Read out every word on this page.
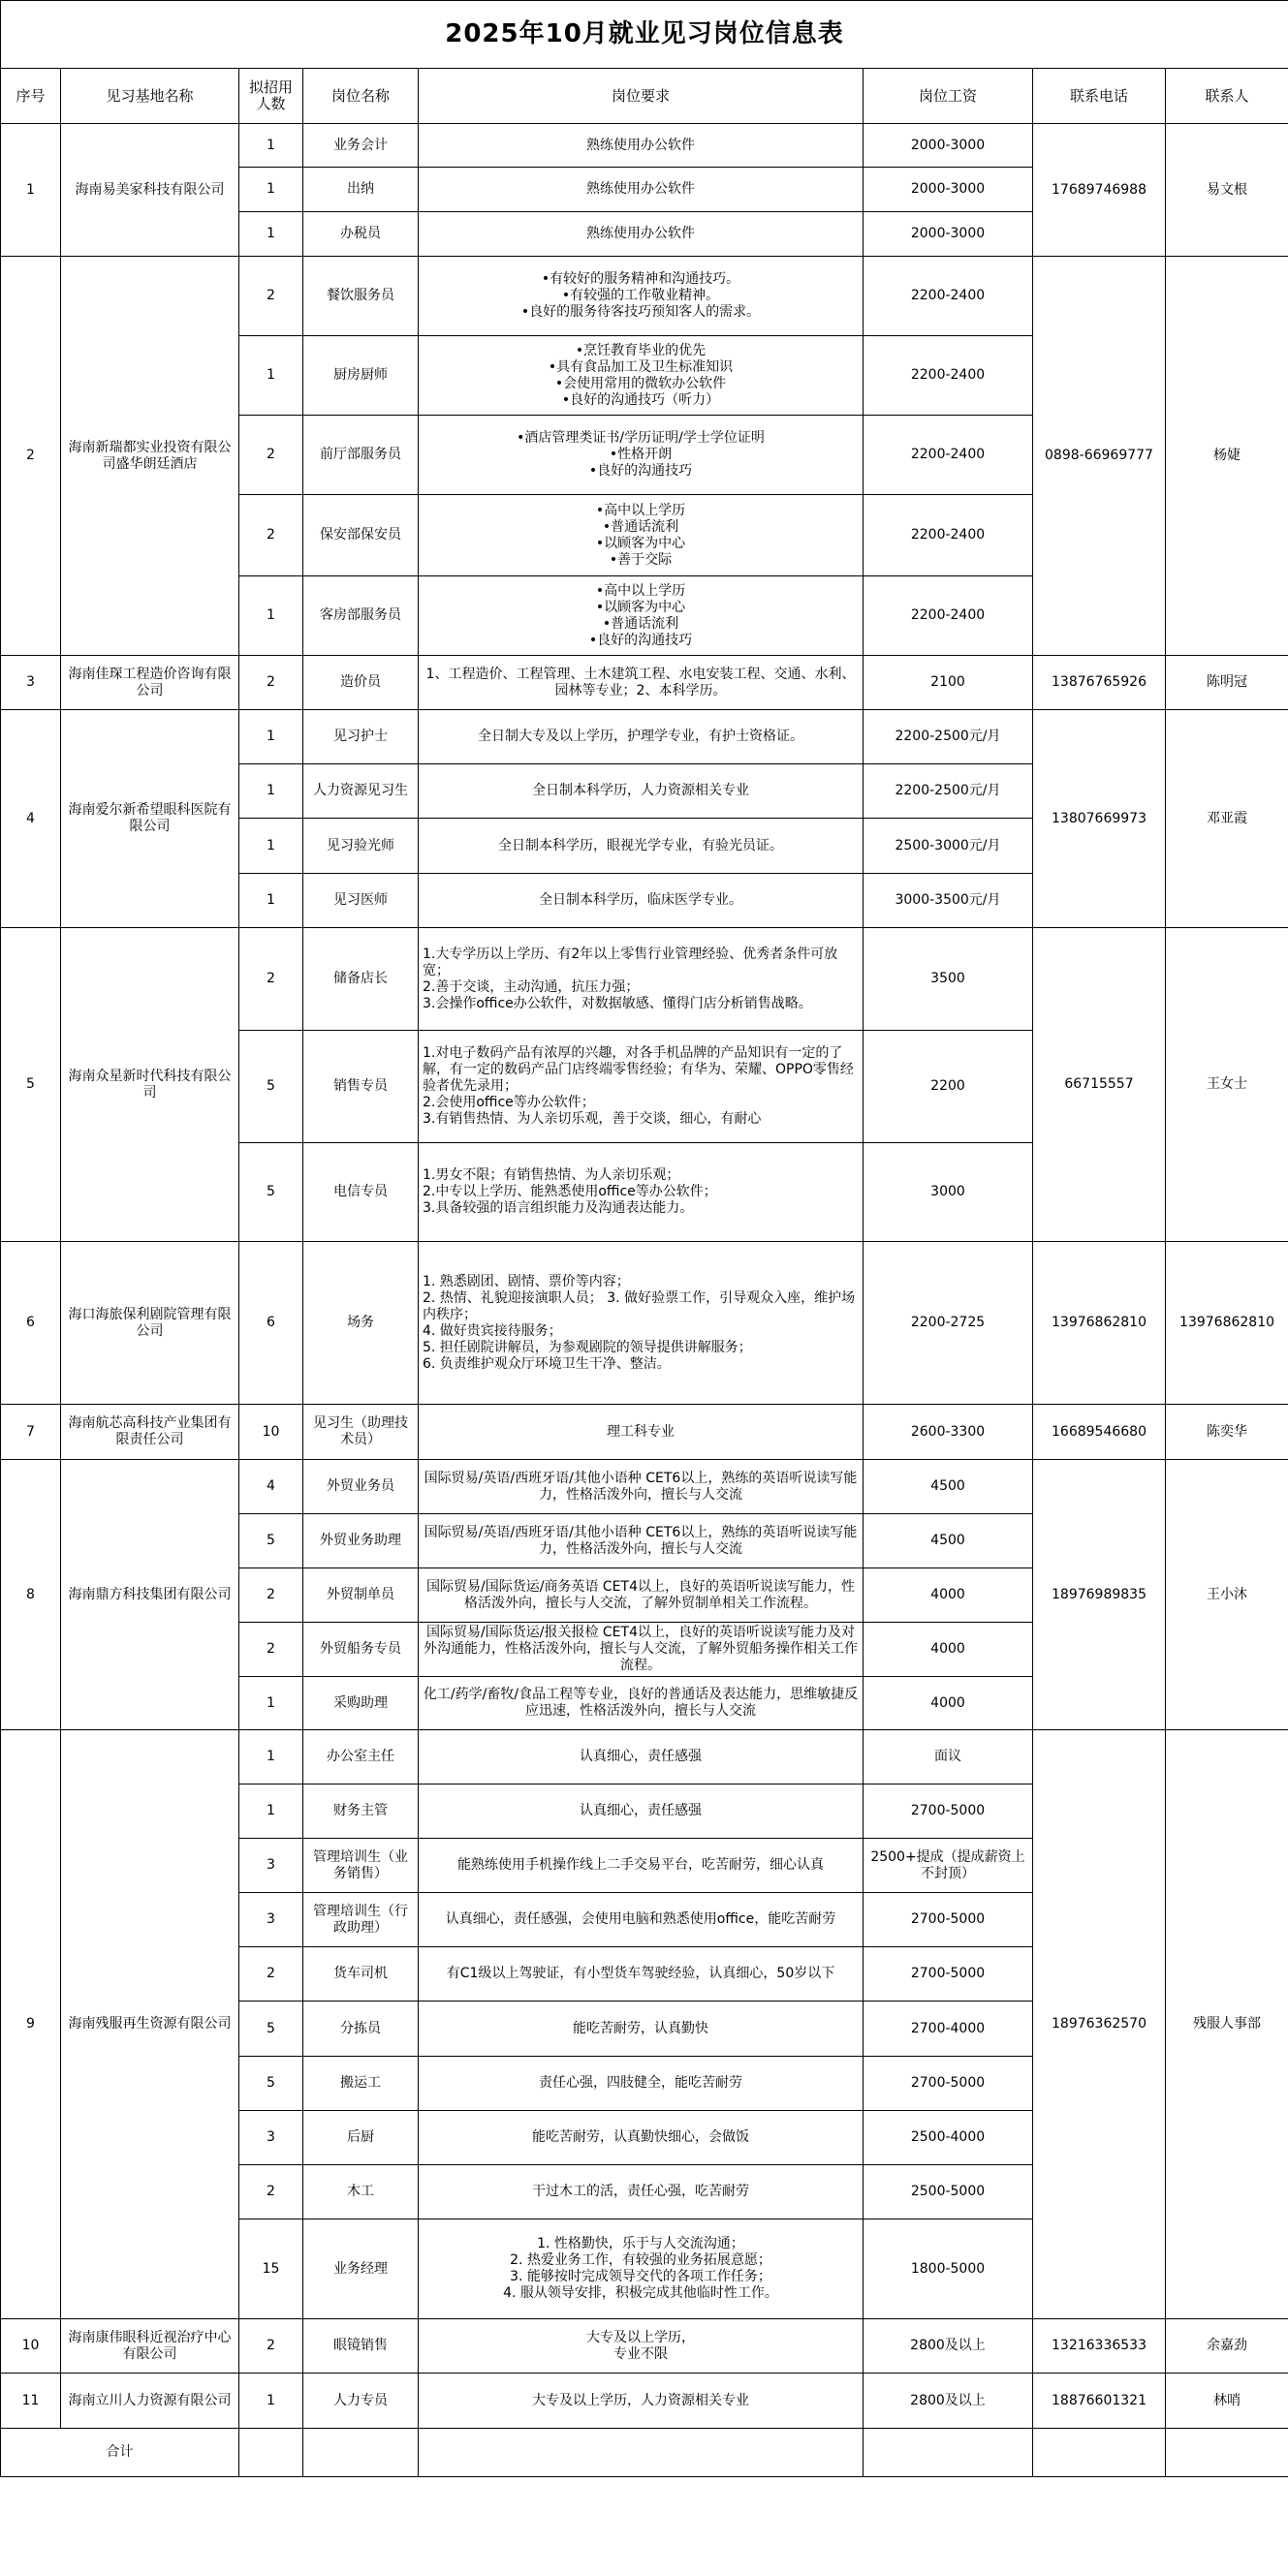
2025年10月就业见习岗位信息表							
序号	见习基地名称	拟招用人数	岗位名称	岗位要求	岗位工资	联系电话	联系人
1	海南易美家科技有限公司	1	业务会计	熟练使用办公软件	2000-3000	17689746988	易文根
		1	出纳	熟练使用办公软件	2000-3000		
		1	办税员	熟练使用办公软件	2000-3000		
2	海南新瑞都实业投资有限公司盛华朗廷酒店	2	餐饮服务员	•有较好的服务精神和沟通技巧。
•有较强的工作敬业精神。
•良好的服务待客技巧预知客人的需求。	2200-2400	0898-66969777	杨婕
		1	厨房厨师	•烹饪教育毕业的优先
•具有食品加工及卫生标准知识
•会使用常用的微软办公软件
•良好的沟通技巧（听力）	2200-2400		
		2	前厅部服务员	•酒店管理类证书/学历证明/学士学位证明
•性格开朗
•良好的沟通技巧	2200-2400		
		2	保安部保安员	•高中以上学历
•普通话流利
•以顾客为中心
•善于交际	2200-2400		
		1	客房部服务员	•高中以上学历
•以顾客为中心
•普通话流利
•良好的沟通技巧	2200-2400		
3	海南佳琛工程造价咨询有限公司	2	造价员	1、工程造价、工程管理、土木建筑工程、水电安装工程、交通、水利、园林等专业；2、本科学历。	2100	13876765926	陈明冠
4	海南爱尔新希望眼科医院有限公司	1	见习护士	全日制大专及以上学历，护理学专业，有护士资格证。	2200-2500元/月	13807669973	邓亚霞
		1	人力资源见习生	全日制本科学历，人力资源相关专业	2200-2500元/月		
		1	见习验光师	全日制本科学历，眼视光学专业，有验光员证。	2500-3000元/月		
		1	见习医师	全日制本科学历，临床医学专业。	3000-3500元/月		
5	海南众星新时代科技有限公司	2	储备店长	1.大专学历以上学历、有2年以上零售行业管理经验、优秀者条件可放宽；
2.善于交谈，主动沟通，抗压力强；
3.会操作office办公软件，对数据敏感、懂得门店分析销售战略。	3500	66715557	王女士
		5	销售专员	1.对电子数码产品有浓厚的兴趣，对各手机品牌的产品知识有一定的了解，有一定的数码产品门店终端零售经验；有华为、荣耀、OPPO零售经验者优先录用；
2.会使用office等办公软件；
3.有销售热情、为人亲切乐观，善于交谈，细心，有耐心	2200		
		5	电信专员	1.男女不限；有销售热情、为人亲切乐观；
2.中专以上学历、能熟悉使用office等办公软件；
3.具备较强的语言组织能力及沟通表达能力。	3000		
6	海口海旅保利剧院管理有限公司	6	场务	1. 熟悉剧团、剧情、票价等内容；
2. 热情、礼貌迎接演职人员； 3. 做好验票工作，引导观众入座，维护场内秩序；
4. 做好贵宾接待服务；
5. 担任剧院讲解员，为参观剧院的领导提供讲解服务；
6. 负责维护观众厅环境卫生干净、整洁。	2200-2725	13976862810	13976862810
7	海南航芯高科技产业集团有限责任公司	10	见习生（助理技术员）	理工科专业	2600-3300	16689546680	陈奕华
8	海南鼎方科技集团有限公司	4	外贸业务员	国际贸易/英语/西班牙语/其他小语种 CET6以上，熟练的英语听说读写能力，性格活泼外向，擅长与人交流	4500	18976989835	王小沐
		5	外贸业务助理	国际贸易/英语/西班牙语/其他小语种 CET6以上，熟练的英语听说读写能力，性格活泼外向，擅长与人交流	4500		
		2	外贸制单员	国际贸易/国际货运/商务英语 CET4以上，良好的英语听说读写能力，性格活泼外向，擅长与人交流，了解外贸制单相关工作流程。	4000		
		2	外贸船务专员	国际贸易/国际货运/报关报检 CET4以上，良好的英语听说读写能力及对外沟通能力，性格活泼外向，擅长与人交流，了解外贸船务操作相关工作流程。	4000		
		1	采购助理	化工/药学/畜牧/食品工程等专业，良好的普通话及表达能力，思维敏捷反应迅速，性格活泼外向，擅长与人交流	4000		
9	海南残服再生资源有限公司	1	办公室主任	认真细心，责任感强	面议	18976362570	残服人事部
		1	财务主管	认真细心，责任感强	2700-5000		
		3	管理培训生（业务销售）	能熟练使用手机操作线上二手交易平台，吃苦耐劳，细心认真	2500+提成（提成薪资上不封顶）		
		3	管理培训生（行政助理）	认真细心，责任感强，会使用电脑和熟悉使用office，能吃苦耐劳	2700-5000		
		2	货车司机	有C1级以上驾驶证，有小型货车驾驶经验，认真细心，50岁以下	2700-5000		
		5	分拣员	能吃苦耐劳，认真勤快	2700-4000		
		5	搬运工	责任心强，四肢健全，能吃苦耐劳	2700-5000		
		3	后厨	能吃苦耐劳，认真勤快细心，会做饭	2500-4000		
		2	木工	干过木工的活，责任心强，吃苦耐劳	2500-5000		
		15	业务经理	1. 性格勤快，乐于与人交流沟通；
2. 热爱业务工作，有较强的业务拓展意愿；
3. 能够按时完成领导交代的各项工作任务；
4. 服从领导安排，积极完成其他临时性工作。	1800-5000		
10	海南康伟眼科近视治疗中心有限公司	2	眼镜销售	大专及以上学历，
专业不限	2800及以上	13216336533	余嘉劲
11	海南立川人力资源有限公司	1	人力专员	大专及以上学历，人力资源相关专业	2800及以上	18876601321	林哨
合计							
